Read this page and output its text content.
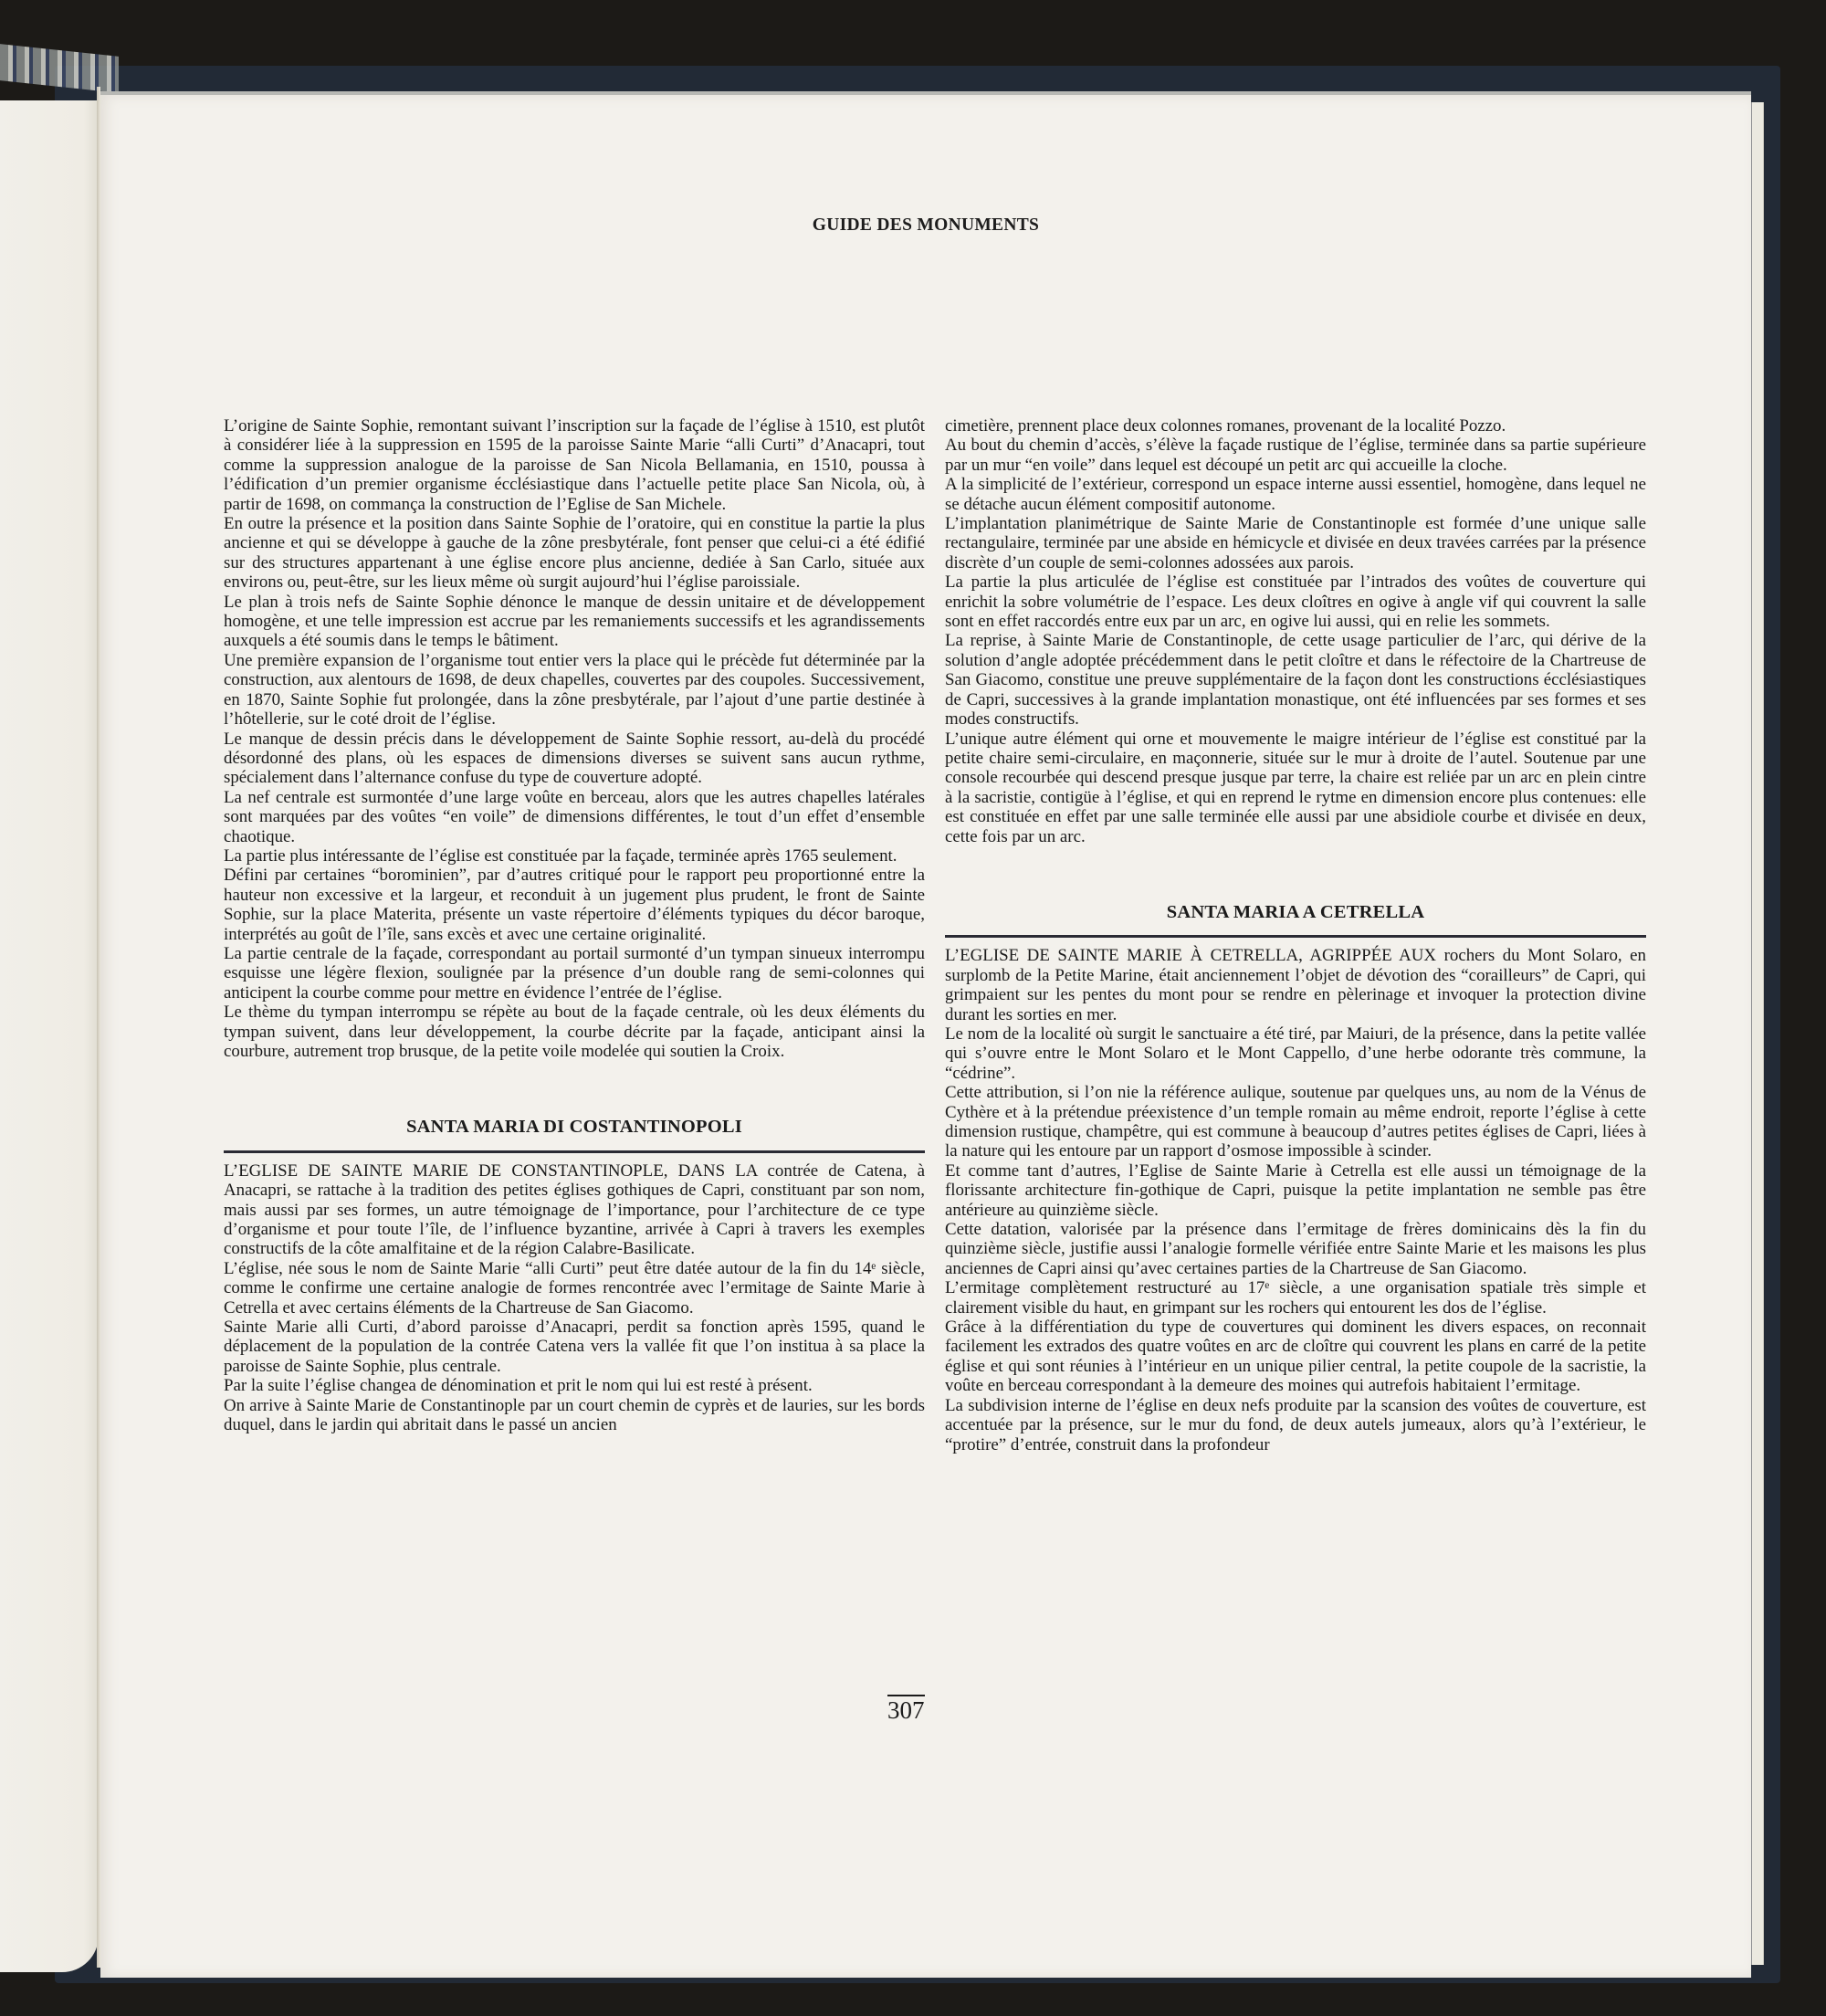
GUIDE DES MONUMENTS

L’origine de Sainte Sophie, remontant suivant l’inscription sur la façade de l’église à 1510, est plutôt à considérer liée à la suppression en 1595 de la paroisse Sainte Marie “alli Curti” d’Anacapri, tout comme la suppression analogue de la paroisse de San Nicola Bellamania, en 1510, poussa à l’édification d’un premier organisme écclésiastique dans l’actuelle petite place San Nicola, où, à partir de 1698, on commança la construction de l’Eglise de San Michele.

En outre la présence et la position dans Sainte Sophie de l’oratoire, qui en constitue la partie la plus ancienne et qui se développe à gauche de la zône presbytérale, font penser que celui-ci a été édifié sur des structures appartenant à une église encore plus ancienne, dediée à San Carlo, située aux environs ou, peut-être, sur les lieux même où surgit aujourd’hui l’église paroissiale.

Le plan à trois nefs de Sainte Sophie dénonce le manque de dessin unitaire et de développement homogène, et une telle impression est accrue par les remaniements successifs et les agrandissements auxquels a été soumis dans le temps le bâtiment.

Une première expansion de l’organisme tout entier vers la place qui le précède fut déterminée par la construction, aux alentours de 1698, de deux chapelles, couvertes par des coupoles. Successivement, en 1870, Sainte Sophie fut prolongée, dans la zône presbytérale, par l’ajout d’une partie destinée à l’hôtellerie, sur le coté droit de l’église.

Le manque de dessin précis dans le développement de Sainte Sophie ressort, au-delà du procédé désordonné des plans, où les espaces de dimensions diverses se suivent sans aucun rythme, spécialement dans l’alternance confuse du type de couverture adopté.

La nef centrale est surmontée d’une large voûte en berceau, alors que les autres chapelles latérales sont marquées par des voûtes “en voile” de dimensions différentes, le tout d’un effet d’ensemble chaotique.

La partie plus intéressante de l’église est constituée par la façade, terminée après 1765 seulement.

Défini par certaines “borominien”, par d’autres critiqué pour le rapport peu proportionné entre la hauteur non excessive et la largeur, et reconduit à un jugement plus prudent, le front de Sainte Sophie, sur la place Materita, présente un vaste répertoire d’éléments typiques du décor baroque, interprétés au goût de l’île, sans excès et avec une certaine originalité.

La partie centrale de la façade, correspondant au portail surmonté d’un tympan sinueux interrompu esquisse une légère flexion, soulignée par la présence d’un double rang de semi-colonnes qui anticipent la courbe comme pour mettre en évidence l’entrée de l’église.

Le thème du tympan interrompu se répète au bout de la façade centrale, où les deux éléments du tympan suivent, dans leur développement, la courbe décrite par la façade, anticipant ainsi la courbure, autrement trop brusque, de la petite voile modelée qui soutien la Croix.

SANTA MARIA DI COSTANTINOPOLI

L’EGLISE DE SAINTE MARIE DE CONSTANTINOPLE, DANS LA contrée de Catena, à Anacapri, se rattache à la tradition des petites églises gothiques de Capri, constituant par son nom, mais aussi par ses formes, un autre témoignage de l’importance, pour l’architecture de ce type d’organisme et pour toute l’île, de l’influence byzantine, arrivée à Capri à travers les exemples constructifs de la côte amalfitaine et de la région Calabre-Basilicate.

L’église, née sous le nom de Sainte Marie “alli Curti” peut être datée autour de la fin du 14ᵉ siècle, comme le confirme une certaine analogie de formes rencontrée avec l’ermitage de Sainte Marie à Cetrella et avec certains éléments de la Chartreuse de San Giacomo.

Sainte Marie alli Curti, d’abord paroisse d’Anacapri, perdit sa fonction après 1595, quand le déplacement de la population de la contrée Catena vers la vallée fit que l’on institua à sa place la paroisse de Sainte Sophie, plus centrale.

Par la suite l’église changea de dénomination et prit le nom qui lui est resté à présent.

On arrive à Sainte Marie de Constantinople par un court chemin de cyprès et de lauries, sur les bords duquel, dans le jardin qui abritait dans le passé un ancien

cimetière, prennent place deux colonnes romanes, provenant de la localité Pozzo.

Au bout du chemin d’accès, s’élève la façade rustique de l’église, terminée dans sa partie supérieure par un mur “en voile” dans lequel est découpé un petit arc qui accueille la cloche.

A la simplicité de l’extérieur, correspond un espace interne aussi essentiel, homogène, dans lequel ne se détache aucun élément compositif autonome.

L’implantation planimétrique de Sainte Marie de Constantinople est formée d’une unique salle rectangulaire, terminée par une abside en hémicycle et divisée en deux travées carrées par la présence discrète d’un couple de semi-colonnes adossées aux parois.

La partie la plus articulée de l’église est constituée par l’intrados des voûtes de couverture qui enrichit la sobre volumétrie de l’espace. Les deux cloîtres en ogive à angle vif qui couvrent la salle sont en effet raccordés entre eux par un arc, en ogive lui aussi, qui en relie les sommets.

La reprise, à Sainte Marie de Constantinople, de cette usage particulier de l’arc, qui dérive de la solution d’angle adoptée précédemment dans le petit cloître et dans le réfectoire de la Chartreuse de San Giacomo, constitue une preuve supplémentaire de la façon dont les constructions écclésiastiques de Capri, successives à la grande implantation monastique, ont été influencées par ses formes et ses modes constructifs.

L’unique autre élément qui orne et mouvemente le maigre intérieur de l’église est constitué par la petite chaire semi-circulaire, en maçonnerie, située sur le mur à droite de l’autel. Soutenue par une console recourbée qui descend presque jusque par terre, la chaire est reliée par un arc en plein cintre à la sacristie, contigüe à l’église, et qui en reprend le rytme en dimension encore plus contenues: elle est constituée en effet par une salle terminée elle aussi par une absidiole courbe et divisée en deux, cette fois par un arc.

SANTA MARIA A CETRELLA

L’EGLISE DE SAINTE MARIE À CETRELLA, AGRIPPÉE AUX rochers du Mont Solaro, en surplomb de la Petite Marine, était anciennement l’objet de dévotion des “corailleurs” de Capri, qui grimpaient sur les pentes du mont pour se rendre en pèlerinage et invoquer la protection divine durant les sorties en mer.

Le nom de la localité où surgit le sanctuaire a été tiré, par Maiuri, de la présence, dans la petite vallée qui s’ouvre entre le Mont Solaro et le Mont Cappello, d’une herbe odorante très commune, la “cédrine”.

Cette attribution, si l’on nie la référence aulique, soutenue par quelques uns, au nom de la Vénus de Cythère et à la prétendue préexistence d’un temple romain au même endroit, reporte l’église à cette dimension rustique, champêtre, qui est commune à beaucoup d’autres petites églises de Capri, liées à la nature qui les entoure par un rapport d’osmose impossible à scinder.

Et comme tant d’autres, l’Eglise de Sainte Marie à Cetrella est elle aussi un témoignage de la florissante architecture fin-gothique de Capri, puisque la petite implantation ne semble pas être antérieure au quinzième siècle.

Cette datation, valorisée par la présence dans l’ermitage de frères dominicains dès la fin du quinzième siècle, justifie aussi l’analogie formelle vérifiée entre Sainte Marie et les maisons les plus anciennes de Capri ainsi qu’avec certaines parties de la Chartreuse de San Giacomo.

L’ermitage complètement restructuré au 17ᵉ siècle, a une organisation spatiale très simple et clairement visible du haut, en grimpant sur les rochers qui entourent les dos de l’église.

Grâce à la différentiation du type de couvertures qui dominent les divers espaces, on reconnait facilement les extrados des quatre voûtes en arc de cloître qui couvrent les plans en carré de la petite église et qui sont réunies à l’intérieur en un unique pilier central, la petite coupole de la sacristie, la voûte en berceau correspondant à la demeure des moines qui autrefois habitaient l’ermitage.

La subdivision interne de l’église en deux nefs produite par la scansion des voûtes de couverture, est accentuée par la présence, sur le mur du fond, de deux autels jumeaux, alors qu’à l’extérieur, le “protire” d’entrée, construit dans la profondeur

307
